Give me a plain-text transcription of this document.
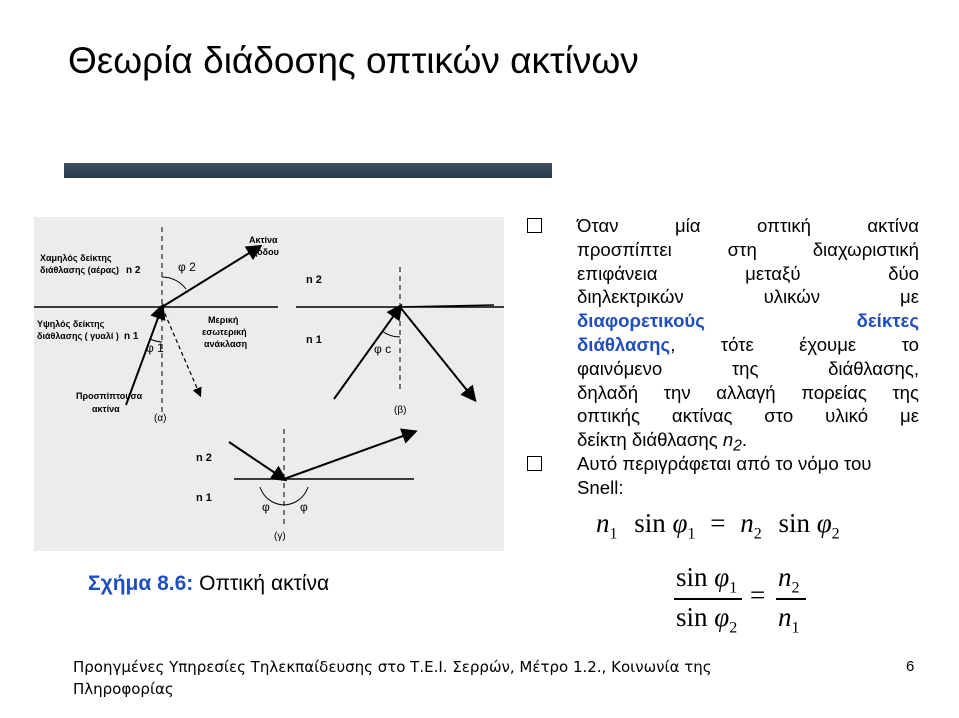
Θεωρία διάδοσης οπτικών ακτίνων
Χαμηλός δείκτης
διάθλασης (αέρας) n 2
Υψηλός δείκτης
διάθλασης ( γυαλί ) n 1
φ 2
φ 1
Ακτίνα
εξόδου
Μερική
εσωτερική
ανάκλαση
Προσπίπτουσα
ακτίνα
(α)
n 2
n 1
φ c
(β)
n 2
n 1
φ	φ
(γ)
Σχήμα 8.6: Οπτική ακτίνα
Όταν μία οπτική ακτίνα
προσπίπτει στη διαχωριστική
επιφάνεια μεταξύ δύο
διηλεκτρικών υλικών με
διαφορετικούς δείκτες
διάθλασης, τότε έχουμε το
φαινόμενο της διάθλασης,
δηλαδή την αλλαγή πορείας της
οπτικής ακτίνας στο υλικό με
δείκτη διάθλασης $n_2$.
Αυτό περιγράφεται από το νόμο του
Snell:
$n_1$ $\sin \varphi_1 = n_2$ $\sin \varphi_2$
$\sin \varphi_1$
$\sin \varphi_2$
=
$n_2$
$n_1$
Προηγμένες Υπηρεσίες Τηλεκπαίδευσης στο Τ.Ε.Ι. Σερρών, Μέτρο 1.2., Κοινωνία της
Πληροφορίας
6
